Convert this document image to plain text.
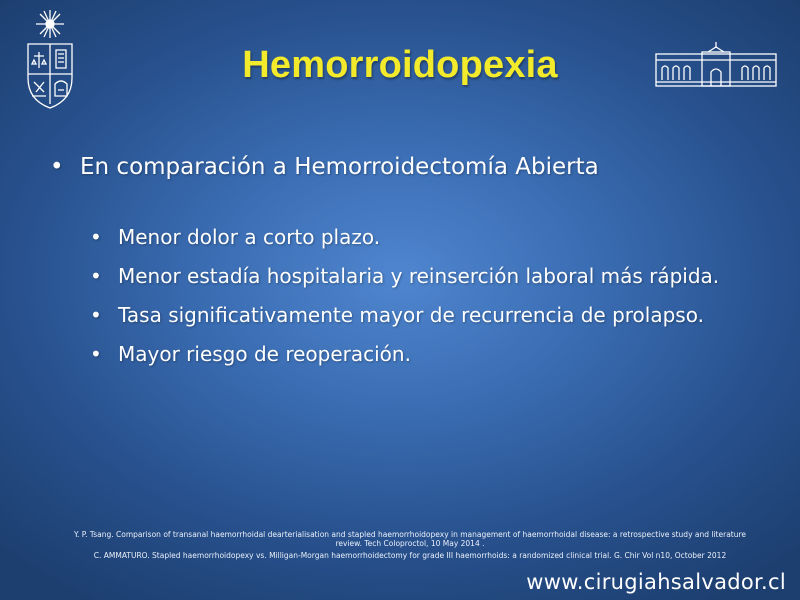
Hemorroidopexia
• En comparación a Hemorroidectomía Abierta
• Menor dolor a corto plazo.
• Menor estadía hospitalaria y reinserción laboral más rápida.
• Tasa significativamente mayor de recurrencia de prolapso.
• Mayor riesgo de reoperación.

Y. P. Tsang. Comparison of transanal haemorrhoidal dearterialisation and stapled haemorrhoidopexy in management of haemorrhoidal disease: a retrospective study and literature review. Tech Coloproctol, 10 May 2014 .

C. AMMATURO. Stapled haemorrhoidopexy vs. Milligan-Morgan haemorrhoidectomy for grade III haemorrhoids: a randomized clinical trial. G. Chir Vol n10, October 2012

www.cirugiahsalvador.cl
